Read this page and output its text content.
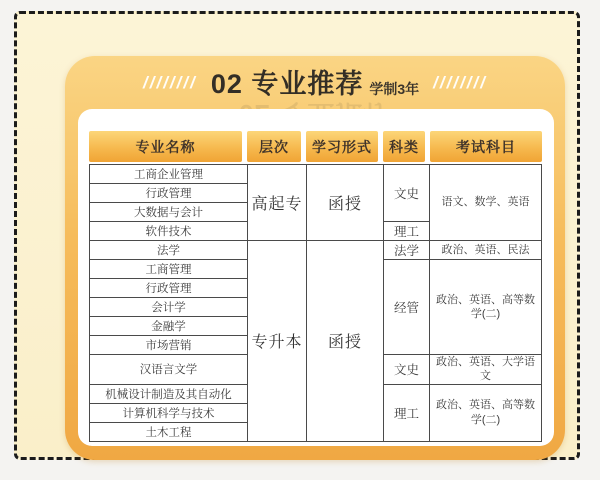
//////// 02 专业推荐 学制3年 ////////
专业名称	层次	学习形式	科类	考试科目
工商企业管理	高起专	函授	文史	语文、数学、英语
行政管理				
大数据与会计				
软件技术			理工	
法学	专升本	函授	法学	政治、英语、民法
工商管理			经管	政治、英语、高等数学(二)
行政管理				
会计学				
金融学				
市场营销				
汉语言文学			文史	政治、英语、大学语文
机械设计制造及其自动化			理工	政治、英语、高等数学(二)
计算机科学与技术				
土木工程				
